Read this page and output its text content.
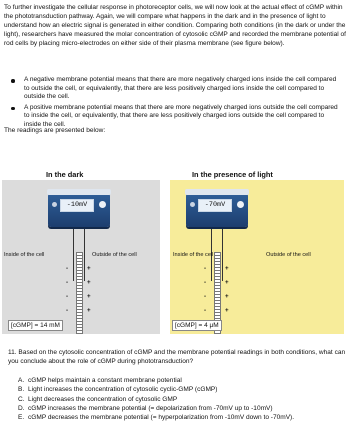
To further investigate the cellular response in photoreceptor cells, we will now look at the actual effect of cGMP within the phototransduction pathway. Again, we will compare what happens in the dark and in the presence of light to understand how an electric signal is generated in either condition. Comparing both conditions (in the dark or under the light), researchers have measured the molar concentration of cytosolic cGMP and recorded the membrane potential of rod cells by placing micro-electrodes on either side of their plasma membrane (see figure below).

A negative membrane potential means that there are more negatively charged ions inside the cell compared to outside the cell, or equivalently, that there are less positively charged ions inside the cell compared to outside the cell.
A positive membrane potential means that there are more negatively charged ions outside the cell compared to inside the cell, or equivalently, that there are less positively charged ions outside the cell compared to inside the cell.

The readings are presented below:

In the dark
-10mV
Inside of the cell	Outside of the cell
-
-
-
-
+
+
+
+
[cGMP] = 14 mM
In the presence of light
-70mV
Inside of the cell	Outside of the cell
-
-
-
-
+
+
+
+
[cGMP] = 4 μM

11. Based on the cytosolic concentration of cGMP and the membrane potential readings in both conditions, what can you conclude about the role of cGMP during phototransduction?

A. cGMP helps maintain a constant membrane potential
B. Light increases the concentration of cytosolic cyclic-GMP (cGMP)
C. Light decreases the concentration of cytosolic GMP
D. cGMP increases the membrane potential (= depolarization from -70mV up to -10mV)
E. cGMP decreases the membrane potential (= hyperpolarization from -10mV down to -70mV).
